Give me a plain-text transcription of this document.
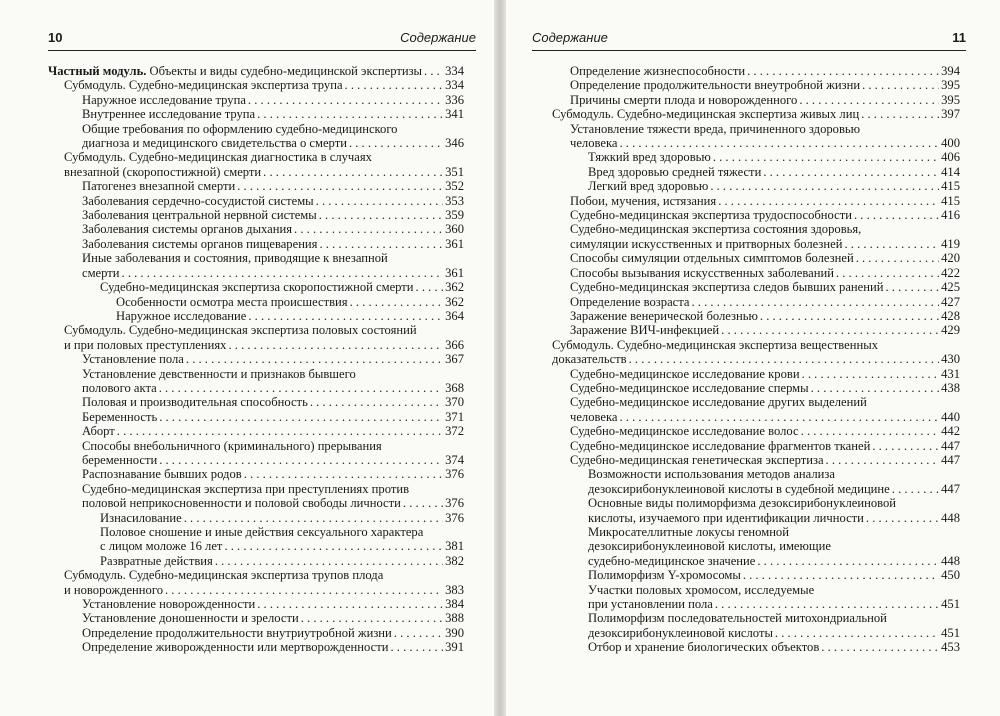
10	Содержание
Частный модуль. Объекты и виды судебно-медицинской экспертизы . . . 334
Субмодуль. Судебно-медицинская экспертиза трупа . . .	334
Наружное исследование трупа . . .	336
Внутреннее исследование трупа . . .	341
Общие требования по оформлению судебно-медицинского
диагноза и медицинского свидетельства о смерти . . .	346
Субмодуль. Судебно-медицинская диагностика в случаях
внезапной (скоропостижной) смерти . . .	351
Патогенез внезапной смерти . . .	352
Заболевания сердечно-сосудистой системы . . .	353
Заболевания центральной нервной системы . . .	359
Заболевания системы органов дыхания . . .	360
Заболевания системы органов пищеварения . . .	361
Иные заболевания и состояния, приводящие к внезапной
смерти . . .	361
Судебно-медицинская экспертиза скоропостижной смерти . . .	362
Особенности осмотра места происшествия . . .	362
Наружное исследование . . .	364
Субмодуль. Судебно-медицинская экспертиза половых состояний
и при половых преступлениях . . .	366
Установление пола . . .	367
Установление девственности и признаков бывшего
полового акта . . .	368
Половая и производительная способность . . .	370
Беременность . . .	371
Аборт . . .	372
Способы внебольничного (криминального) прерывания
беременности . . .	374
Распознавание бывших родов . . .	376
Судебно-медицинская экспертиза при преступлениях против
половой неприкосновенности и половой свободы личности . . .	376
Изнасилование . . .	376
Половое сношение и иные действия сексуального характера
с лицом моложе 16 лет . . .	381
Развратные действия . . .	382
Субмодуль. Судебно-медицинская экспертиза трупов плода
и новорожденного . . .	383
Установление новорожденности . . .	384
Установление доношенности и зрелости . . .	388
Определение продолжительности внутриутробной жизни . . .	390
Определение живорожденности или мертворожденности . . .	391
Содержание	11
Определение жизнеспособности . . .	394
Определение продолжительности внеутробной жизни . . .	395
Причины смерти плода и новорожденного . . .	395
Субмодуль. Судебно-медицинская экспертиза живых лиц . . .	397
Установление тяжести вреда, причиненного здоровью
человека . . .	400
Тяжкий вред здоровью . . .	406
Вред здоровью средней тяжести . . .	414
Легкий вред здоровью . . .	415
Побои, мучения, истязания . . .	415
Судебно-медицинская экспертиза трудоспособности . . .	416
Судебно-медицинская экспертиза состояния здоровья,
симуляции искусственных и притворных болезней . . .	419
Способы симуляции отдельных симптомов болезней . . .	420
Способы вызывания искусственных заболеваний . . .	422
Судебно-медицинская экспертиза следов бывших ранений . . .	425
Определение возраста . . .	427
Заражение венерической болезнью . . .	428
Заражение ВИЧ-инфекцией . . .	429
Субмодуль. Судебно-медицинская экспертиза вещественных
доказательств . . .	430
Судебно-медицинское исследование крови . . .	431
Судебно-медицинское исследование спермы . . .	438
Судебно-медицинское исследование других выделений
человека . . .	440
Судебно-медицинское исследование волос . . .	442
Судебно-медицинское исследование фрагментов тканей . . .	447
Судебно-медицинская генетическая экспертиза . . .	447
Возможности использования методов анализа
дезоксирибонуклеиновой кислоты в судебной медицине . . .	447
Основные виды полиморфизма дезоксирибонуклеиновой
кислоты, изучаемого при идентификации личности . . .	448
Микросателлитные локусы геномной
дезоксирибонуклеиновой кислоты, имеющие
судебно-медицинское значение . . .	448
Полиморфизм Y-хромосомы . . .	450
Участки половых хромосом, исследуемые
при установлении пола . . .	451
Полиморфизм последовательностей митохондриальной
дезоксирибонуклеиновой кислоты . . .	451
Отбор и хранение биологических объектов . . .	453
